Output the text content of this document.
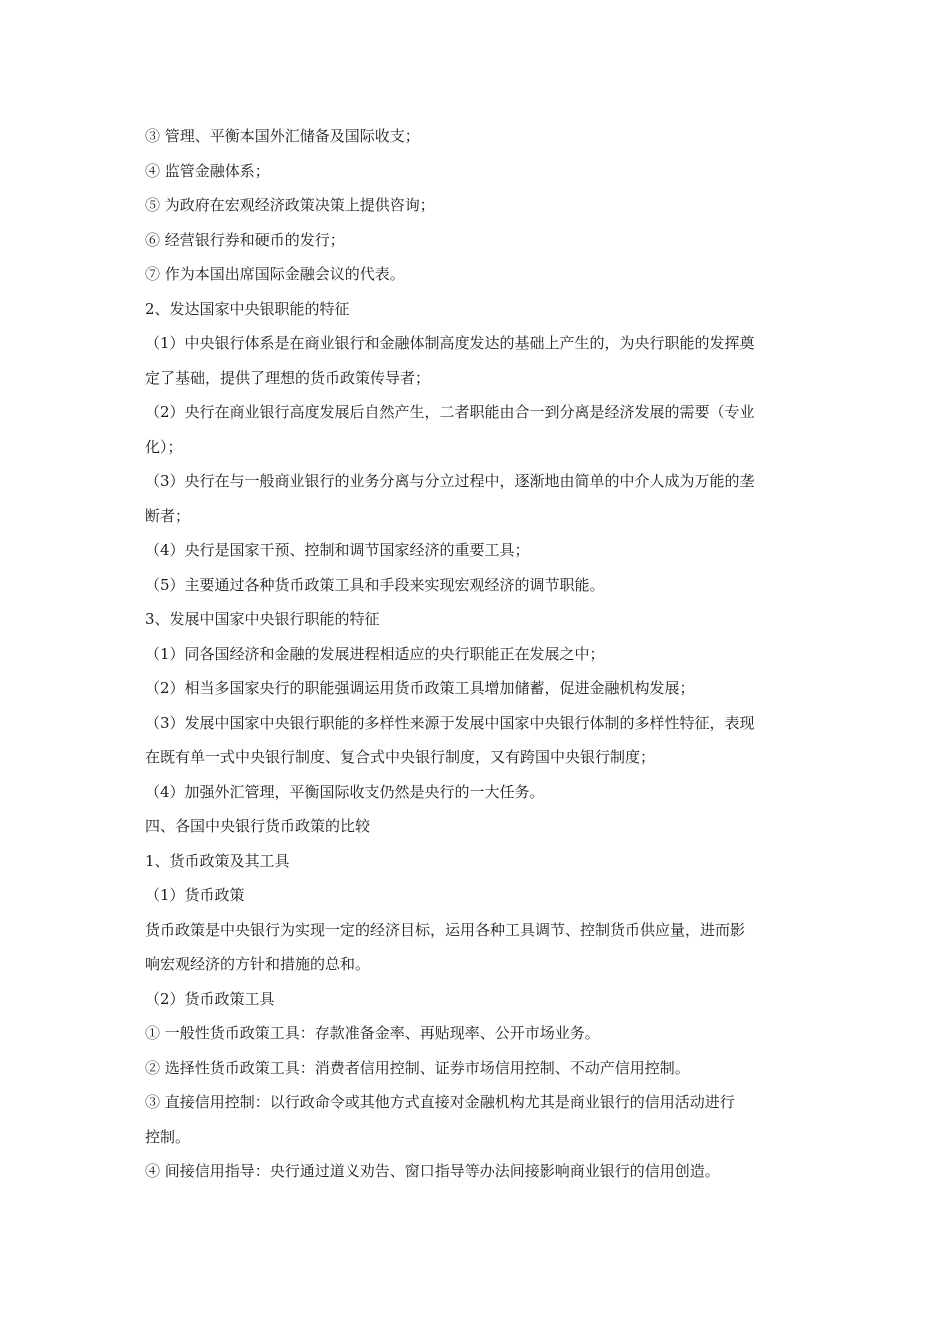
③ 管理、平衡本国外汇储备及国际收支；
④ 监管金融体系；
⑤ 为政府在宏观经济政策决策上提供咨询；
⑥ 经营银行券和硬币的发行；
⑦ 作为本国出席国际金融会议的代表。
2、发达国家中央银职能的特征
（1）中央银行体系是在商业银行和金融体制高度发达的基础上产生的，为央行职能的发挥奠
定了基础，提供了理想的货币政策传导者；
（2）央行在商业银行高度发展后自然产生，二者职能由合一到分离是经济发展的需要（专业
化）；
（3）央行在与一般商业银行的业务分离与分立过程中，逐渐地由简单的中介人成为万能的垄
断者；
（4）央行是国家干预、控制和调节国家经济的重要工具；
（5）主要通过各种货币政策工具和手段来实现宏观经济的调节职能。
3、发展中国家中央银行职能的特征
（1）同各国经济和金融的发展进程相适应的央行职能正在发展之中；
（2）相当多国家央行的职能强调运用货币政策工具增加储蓄，促进金融机构发展；
（3）发展中国家中央银行职能的多样性来源于发展中国家中央银行体制的多样性特征，表现
在既有单一式中央银行制度、复合式中央银行制度，又有跨国中央银行制度；
（4）加强外汇管理，平衡国际收支仍然是央行的一大任务。
四、各国中央银行货币政策的比较
1、货币政策及其工具
（1）货币政策
货币政策是中央银行为实现一定的经济目标，运用各种工具调节、控制货币供应量，进而影
响宏观经济的方针和措施的总和。
（2）货币政策工具
① 一般性货币政策工具：存款准备金率、再贴现率、公开市场业务。
② 选择性货币政策工具：消费者信用控制、证券市场信用控制、不动产信用控制。
③ 直接信用控制：以行政命令或其他方式直接对金融机构尤其是商业银行的信用活动进行
控制。
④ 间接信用指导：央行通过道义劝告、窗口指导等办法间接影响商业银行的信用创造。
